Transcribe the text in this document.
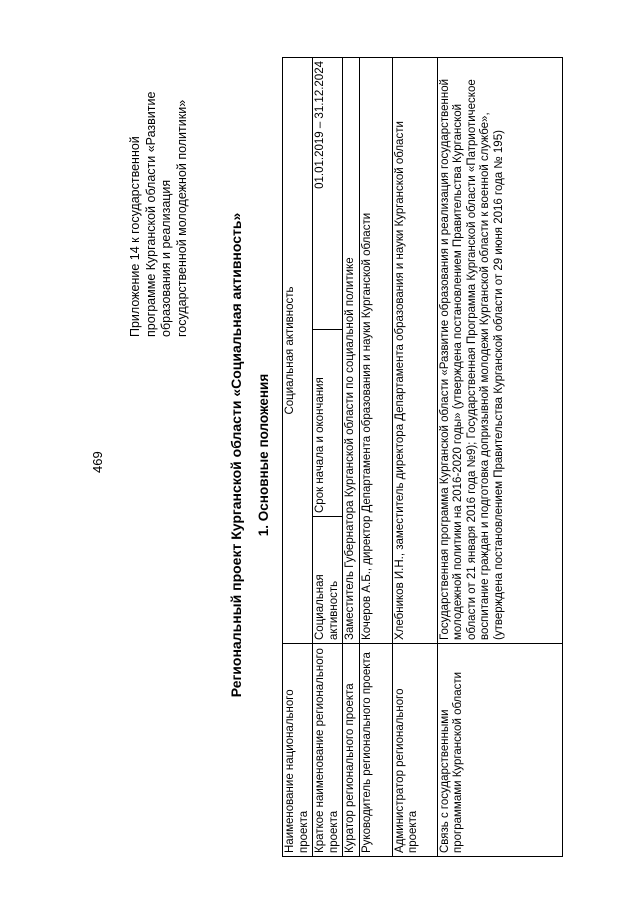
469
Приложение 14 к государственной программе Курганской области «Развитие образования и реализация государственной молодежной политики»	Региональный проект Курганской области «Социальная активность» 1. Основные положения
Наименование национального проекта	Социальная активность		
Краткое наименование регионального проекта	Социальная активность	Срок начала и окончания	01.01.2019 – 31.12.2024
Куратор регионального проекта	Заместитель Губернатора Курганской области по социальной политике		
Руководитель регионального проекта	Кочеров А.Б., директор Департамента образования и науки Курганской области		
Администратор регионального проекта	Хлебников И.Н., заместитель директора Департамента образования и науки Курганской области		
Связь с государственными программами Курганской области	Государственная программа Курганской области «Развитие образования и реализация государственной молодежной политики на 2016-2020 годы» (утверждена постановлением Правительства Курганской области от 21 января 2016 года №9); Государственная Программа Курганской области «Патриотическое воспитание граждан и подготовка допризывной молодежи Курганской области к военной службе», (утверждена постановлением Правительства Курганской области от 29 июня 2016 года № 195)		
